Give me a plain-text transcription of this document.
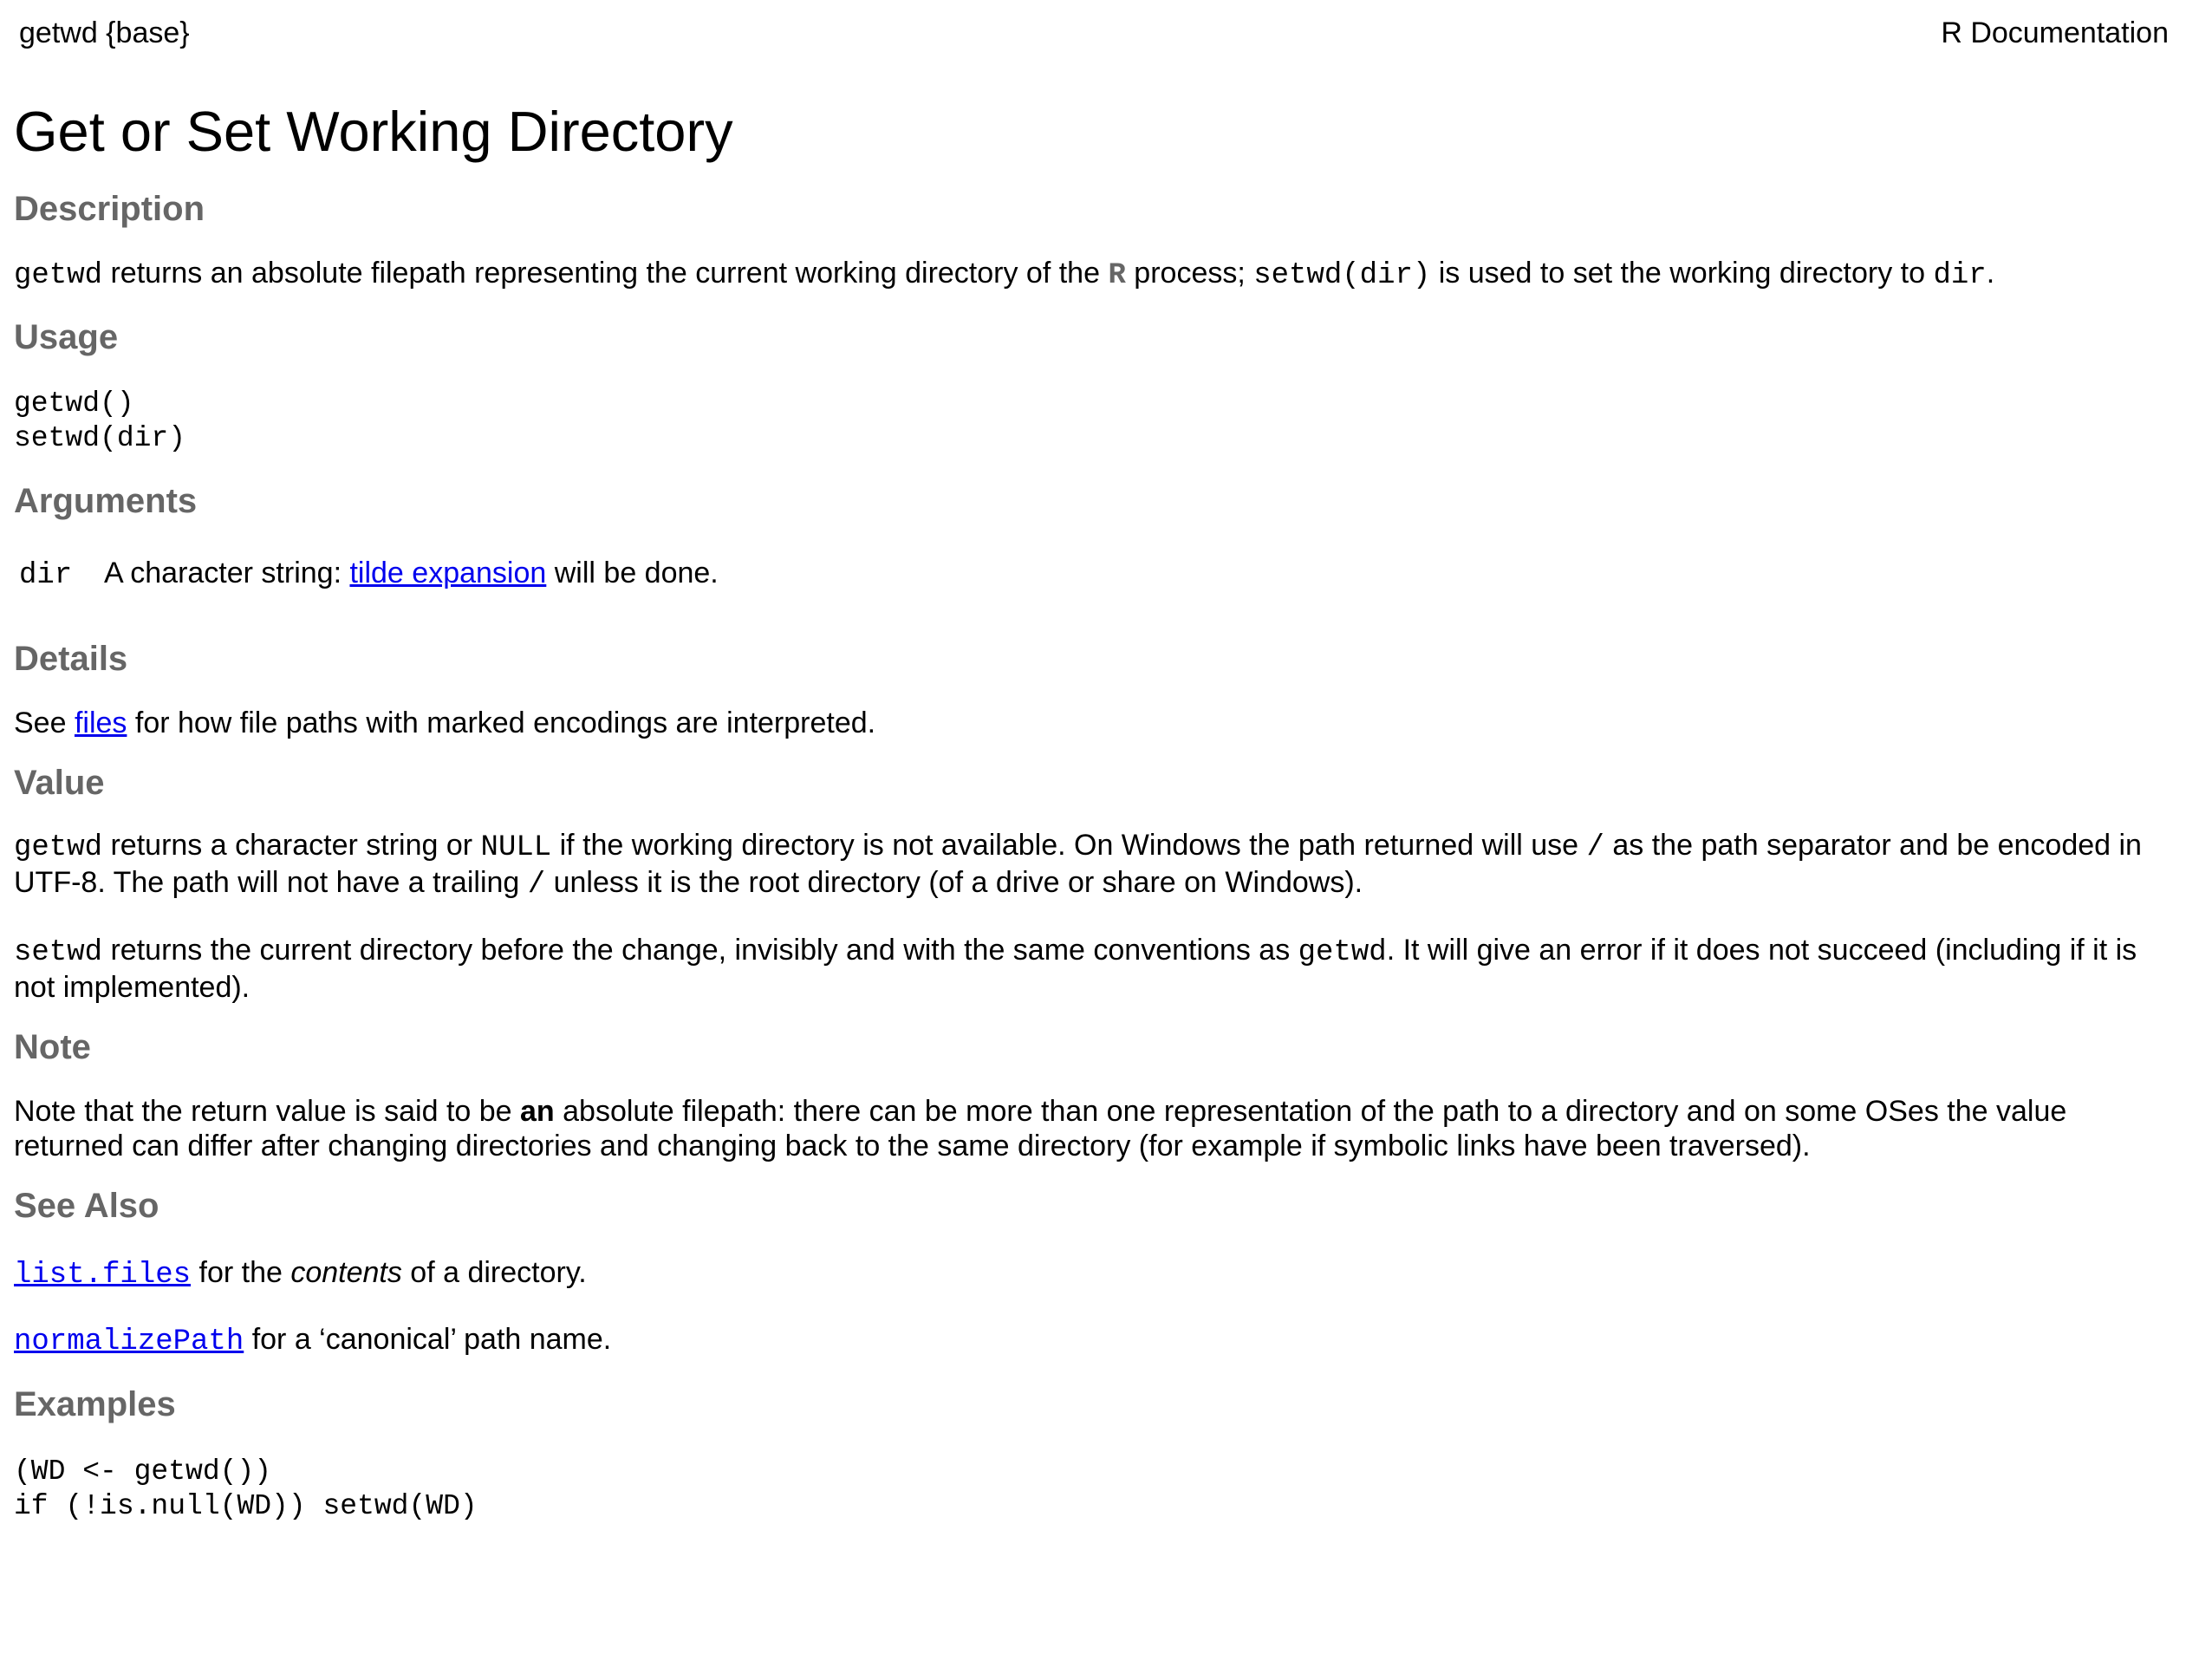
getwd {base}	R Documentation
Get or Set Working Directory
Description

getwd returns an absolute filepath representing the current working directory of the R process; setwd(dir) is used to set the working directory to dir.

Usage
getwd()
setwd(dir)
Arguments
dir	A character string: tilde expansion will be done.
Details

See files for how file paths with marked encodings are interpreted.

Value

getwd returns a character string or NULL if the working directory is not available. On Windows the path returned will use / as the path separator and be encoded in UTF-8. The path will not have a trailing / unless it is the root directory (of a drive or share on Windows).

setwd returns the current directory before the change, invisibly and with the same conventions as getwd. It will give an error if it does not succeed (including if it is not implemented).

Note

Note that the return value is said to be an absolute filepath: there can be more than one representation of the path to a directory and on some OSes the value returned can differ after changing directories and changing back to the same directory (for example if symbolic links have been traversed).

See Also

list.files for the contents of a directory.

normalizePath for a ‘canonical’ path name.

Examples
(WD <- getwd())
if (!is.null(WD)) setwd(WD)
